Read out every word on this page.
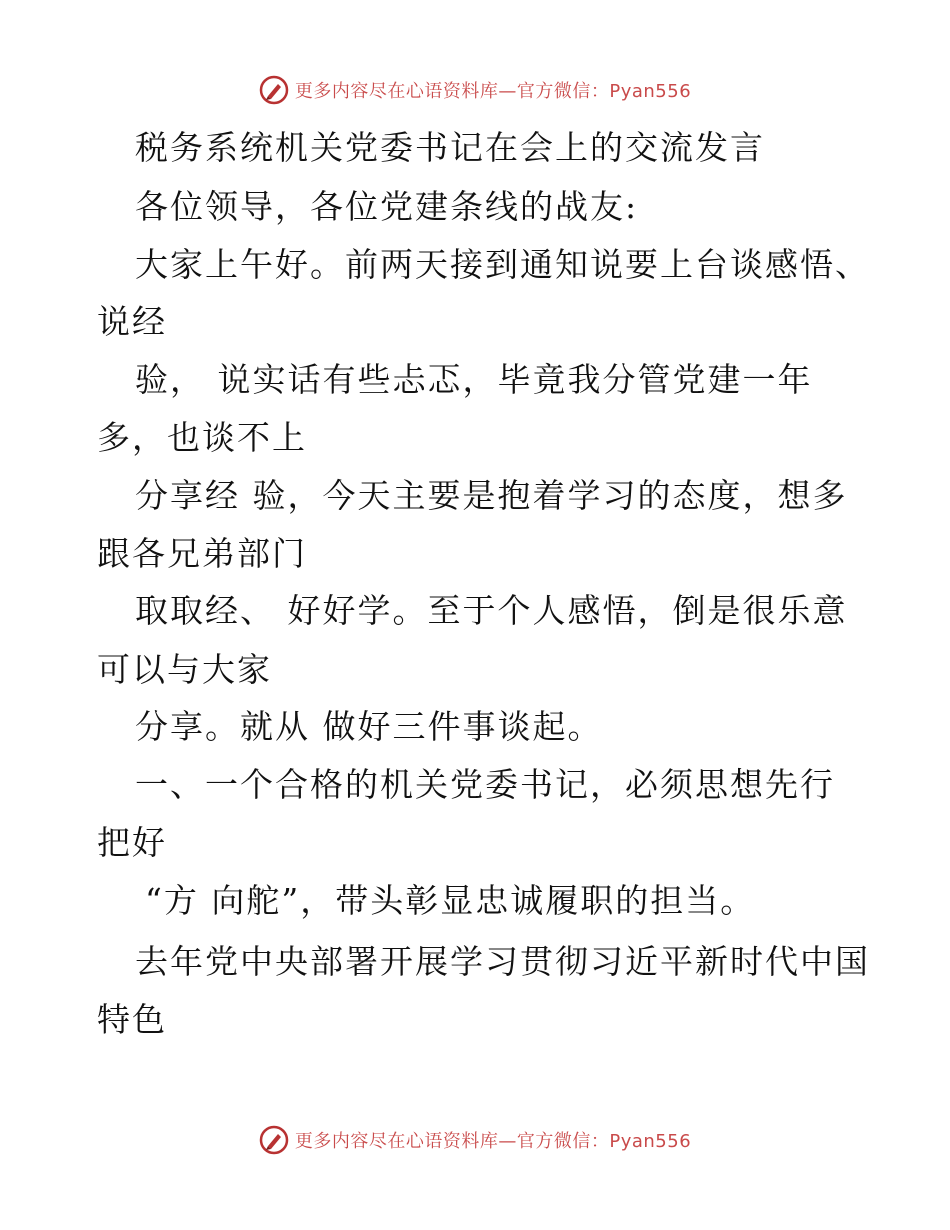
更多内容尽在心语资料库—官方微信：Pyan556
税务系统机关党委书记在会上的交流发言
各位领导，各位党建条线的战友:
大家上午好。前两天接到通知说要上台谈感悟、
说经
验， 说实话有些忐忑，毕竟我分管党建一年
多，也谈不上
分享经 验，今天主要是抱着学习的态度，想多
跟各兄弟部门
取取经、 好好学。至于个人感悟，倒是很乐意
可以与大家
分享。就从 做好三件事谈起。
一、一个合格的机关党委书记，必须思想先行
把好
“方 向舵”，带头彰显忠诚履职的担当。
去年党中央部署开展学习贯彻习近平新时代中国
特色
更多内容尽在心语资料库—官方微信：Pyan556
